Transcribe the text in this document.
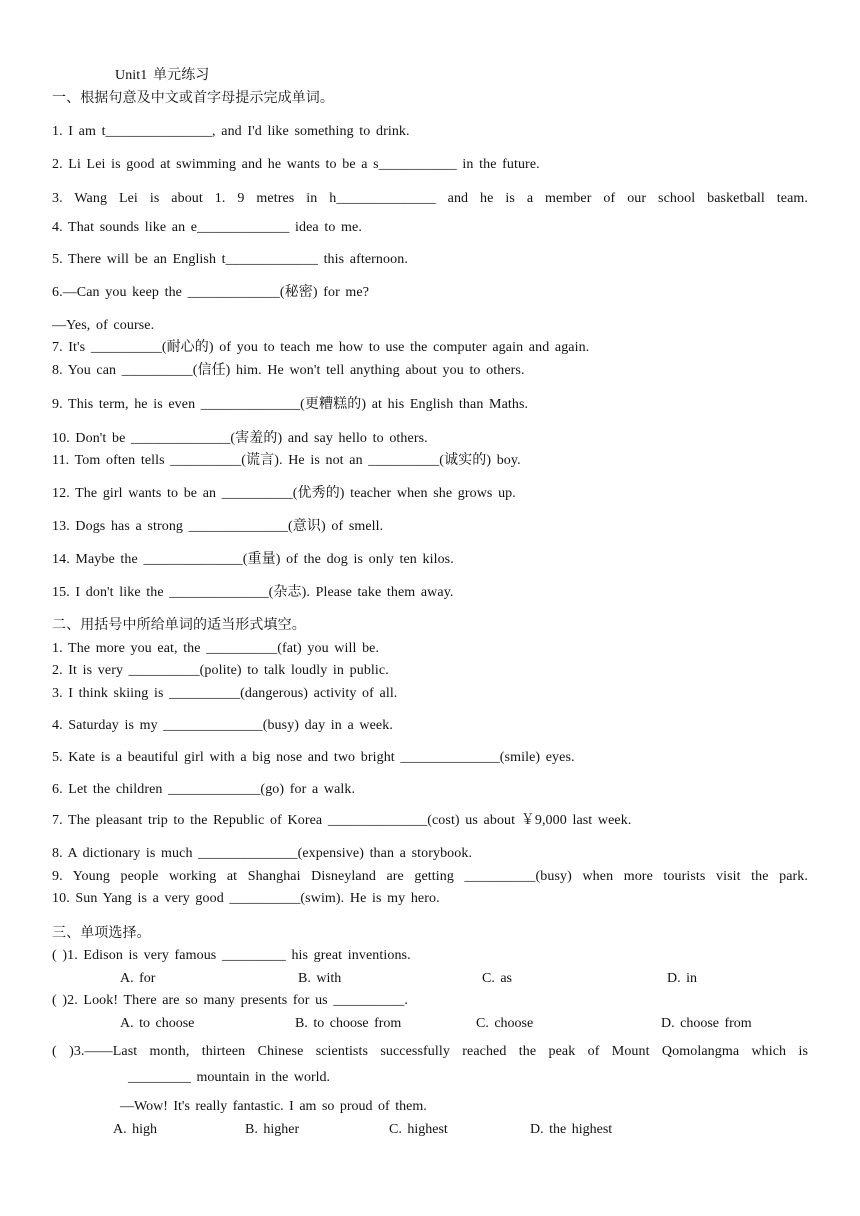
Unit1 单元练习
一、根据句意及中文或首字母提示完成单词。
1. I am t_______________, and I'd like something to drink.
2. Li Lei is good at swimming and he wants to be a s___________ in the future.
3. Wang Lei is about 1. 9 metres in h______________ and he is a member of our school basketball team.
4. That sounds like an e_____________ idea to me.
5. There will be an English t_____________ this afternoon.
6.—Can you keep the _____________(秘密) for me?
—Yes, of course.
7. It's __________(耐心的) of you to teach me how to use the computer again and again.
8. You can __________(信任) him. He won't tell anything about you to others.
9. This term, he is even ______________(更糟糕的) at his English than Maths.
10. Don't be ______________(害羞的) and say hello to others.
11. Tom often tells __________(谎言). He is not an __________(诚实的) boy.
12. The girl wants to be an __________(优秀的) teacher when she grows up.
13. Dogs has a strong ______________(意识) of smell.
14. Maybe the ______________(重量) of the dog is only ten kilos.
15. I don't like the ______________(杂志). Please take them away.
二、用括号中所给单词的适当形式填空。
1. The more you eat, the __________(fat) you will be.
2. It is very __________(polite) to talk loudly in public.
3. I think skiing is __________(dangerous) activity of all.
4. Saturday is my ______________(busy) day in a week.
5. Kate is a beautiful girl with a big nose and two bright ______________(smile) eyes.
6. Let the children _____________(go) for a walk.
7. The pleasant trip to the Republic of Korea ______________(cost) us about ￥9,000 last week.
8. A dictionary is much ______________(expensive) than a storybook.
9. Young people working at Shanghai Disneyland are getting __________(busy) when more tourists visit the park.
10. Sun Yang is a very good __________(swim). He is my hero.
三、单项选择。
( )1. Edison is very famous _________ his great inventions.
A. for	B. with	C. as	D. in
( )2. Look! There are so many presents for us __________.
A. to choose	B. to choose from	C. choose	D. choose from
( )3.——Last month, thirteen Chinese scientists successfully reached the peak of Mount Qomolangma which is
_________ mountain in the world.
—Wow! It's really fantastic. I am so proud of them.
A. high	B. higher	C. highest	D. the highest
